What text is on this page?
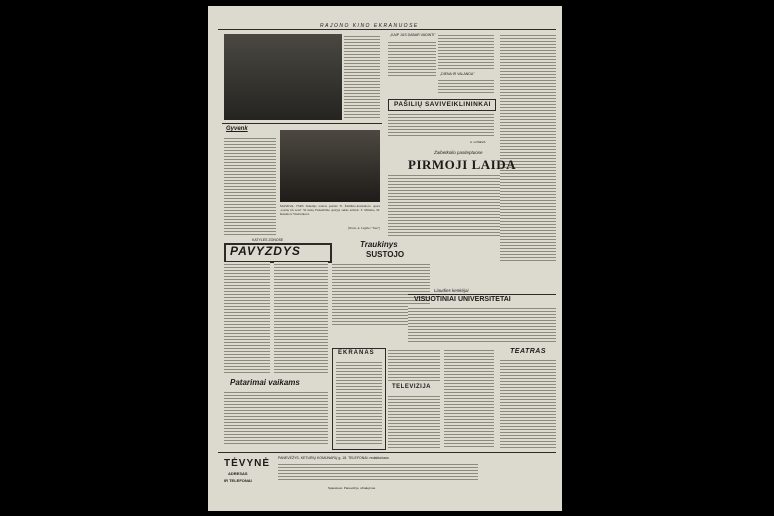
RAJONO KINO EKRANUOSE
Gyvenk
MASKVA. TSRS Sukelėjo teatras pastatė N. Ėkmlkio-Kornakovo opera „Garsų irk sesu" 50 metų Paskelbimo spalyje sukės artistai: T. Miletko, M. Ruzaite ir Wadavikova.
(Nuotr. A. Lagirko "Tass")
„KAIP JUS DABAR VADINTI"
„DIENA IR VALANDA"
PAŠILIŲ SAVIVEIKLININKAI
A. LOSEVA
Žaibetkolio pasiteptuose
PIRMOJI LAIDA
KATYLĖS ZONOSE
PAVYZDYS	Traukinys
SUSTOJO
Liaudies kenkėjai
VISUOTINIAI UNIVERSITETAI
Patarimai vaikams
EKRANAS
TELEVIZIJA
TEATRAS
TĖVYNĖ
ADRESAS
IR TELEFONAI
PANEVĖŽYS, KETURIŲ KOMUNARŲ g. 18. TELEFONAI: redaktoriaus
Spaustuvė. Panevėžys, užsakymas
